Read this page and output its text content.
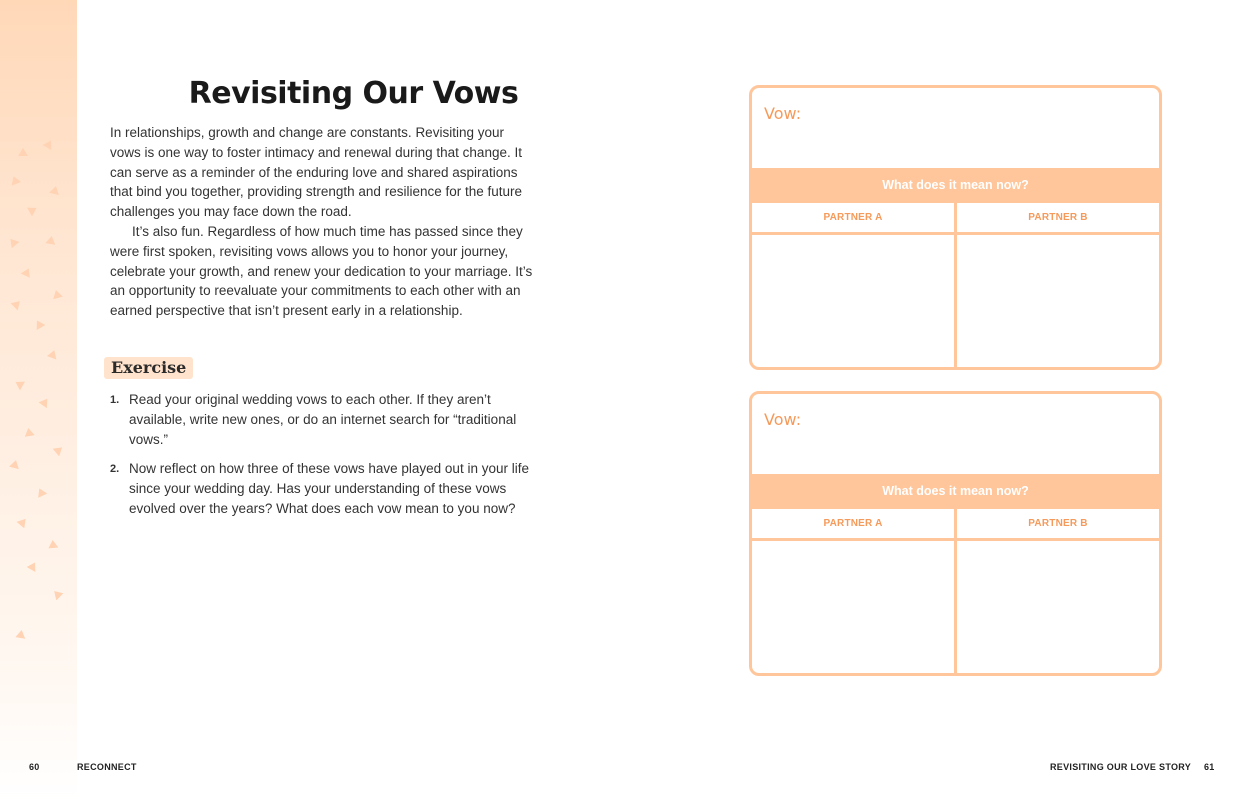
Revisiting Our Vows

In relationships, growth and change are constants. Revisiting your vows is one way to foster intimacy and renewal during that change. It can serve as a reminder of the enduring love and shared aspirations that bind you together, providing strength and resilience for the future challenges you may face down the road.

It’s also fun. Regardless of how much time has passed since they were first spoken, revisiting vows allows you to honor your journey, celebrate your growth, and renew your dedication to your marriage. It’s an opportunity to reevaluate your commitments to each other with an earned perspective that isn’t present early in a relationship.

Exercise
1. Read your original wedding vows to each other. If they aren’t available, write new ones, or do an internet search for “traditional vows.”
2. Now reflect on how three of these vows have played out in your life since your wedding day. Has your understanding of these vows evolved over the years? What does each vow mean to you now?
60	RECONNECT	REVISITING OUR LOVE STORY 61
Vow:
What does it mean now?
PARTNER A	PARTNER B
Vow:
What does it mean now?
PARTNER A	PARTNER B
